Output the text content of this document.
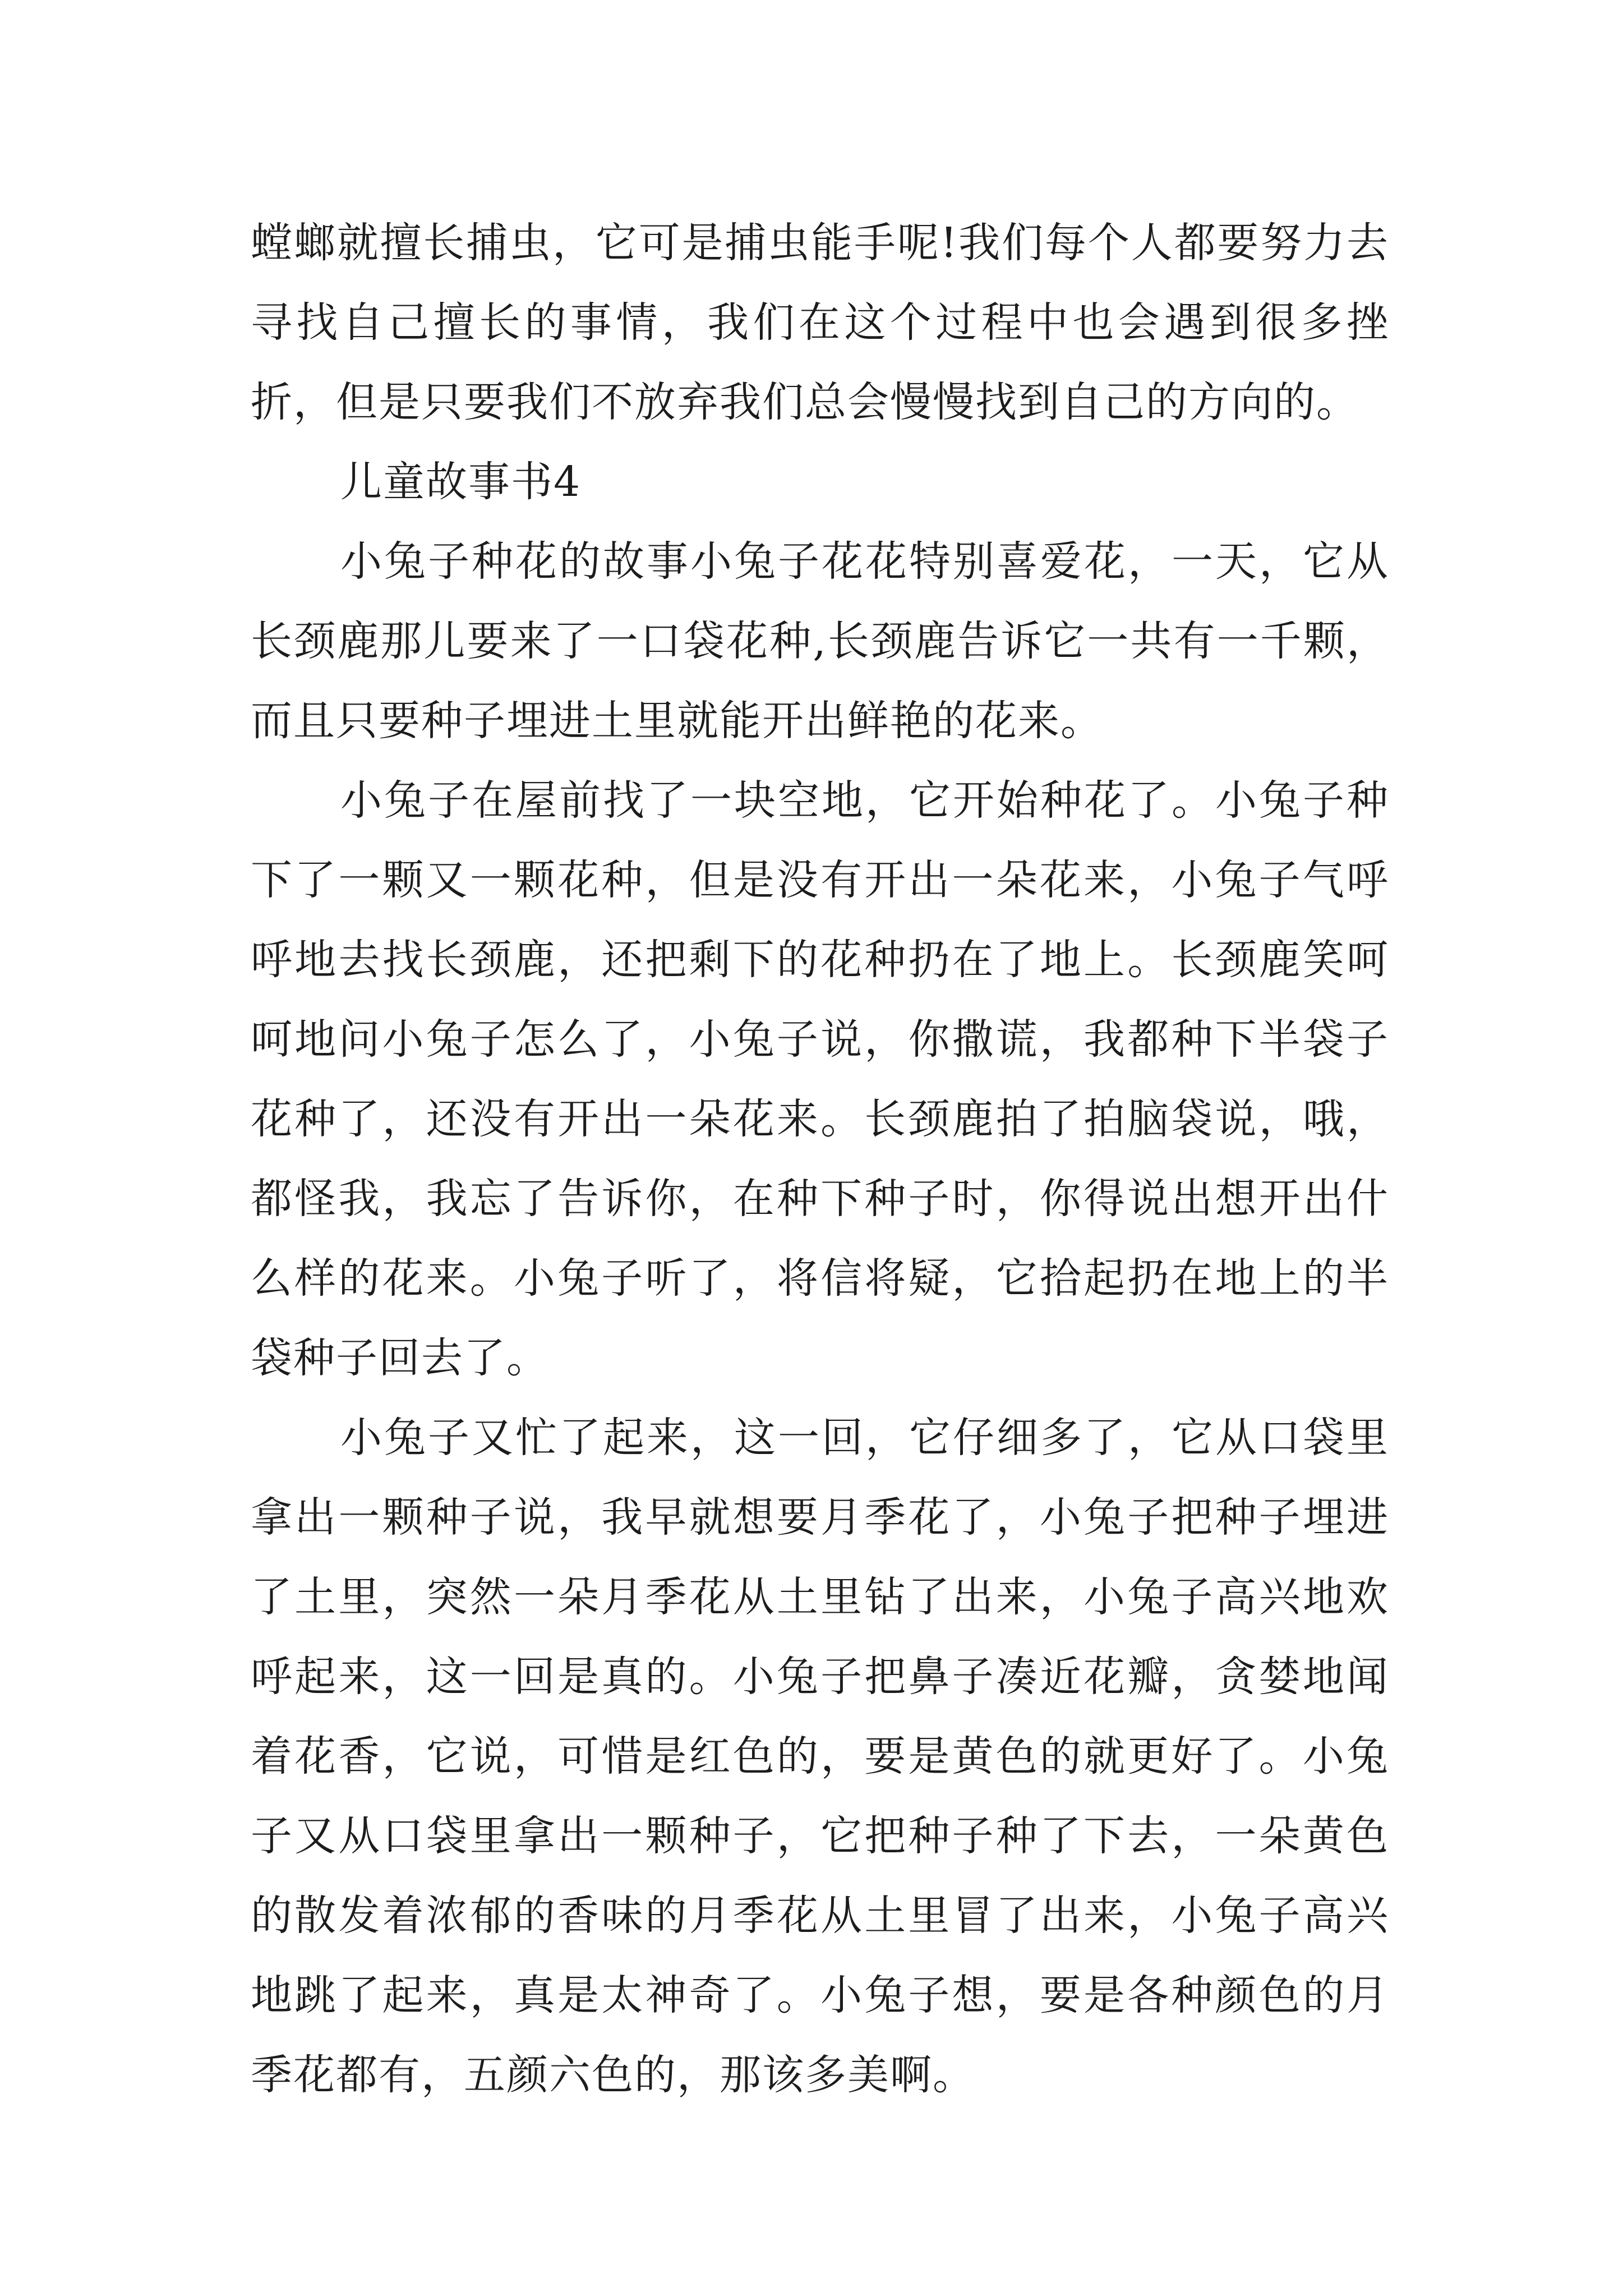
螳螂就擅长捕虫，它可是捕虫能手呢!我们每个人都要努力去寻找自己擅长的事情，我们在这个过程中也会遇到很多挫折，但是只要我们不放弃我们总会慢慢找到自己的方向的。

儿童故事书4

小兔子种花的故事小兔子花花特别喜爱花，一天，它从长颈鹿那儿要来了一口袋花种,长颈鹿告诉它一共有一千颗，而且只要种子埋进土里就能开出鲜艳的花来。

小兔子在屋前找了一块空地，它开始种花了。小兔子种下了一颗又一颗花种，但是没有开出一朵花来，小兔子气呼呼地去找长颈鹿，还把剩下的花种扔在了地上。长颈鹿笑呵呵地问小兔子怎么了，小兔子说，你撒谎，我都种下半袋子花种了，还没有开出一朵花来。长颈鹿拍了拍脑袋说，哦，都怪我，我忘了告诉你，在种下种子时，你得说出想开出什么样的花来。小兔子听了，将信将疑，它拾起扔在地上的半袋种子回去了。

小兔子又忙了起来，这一回，它仔细多了，它从口袋里拿出一颗种子说，我早就想要月季花了，小兔子把种子埋进了土里，突然一朵月季花从土里钻了出来，小兔子高兴地欢呼起来，这一回是真的。小兔子把鼻子凑近花瓣，贪婪地闻着花香，它说，可惜是红色的，要是黄色的就更好了。小兔子又从口袋里拿出一颗种子，它把种子种了下去，一朵黄色的散发着浓郁的香味的月季花从土里冒了出来，小兔子高兴地跳了起来，真是太神奇了。小兔子想，要是各种颜色的月季花都有，五颜六色的，那该多美啊。
